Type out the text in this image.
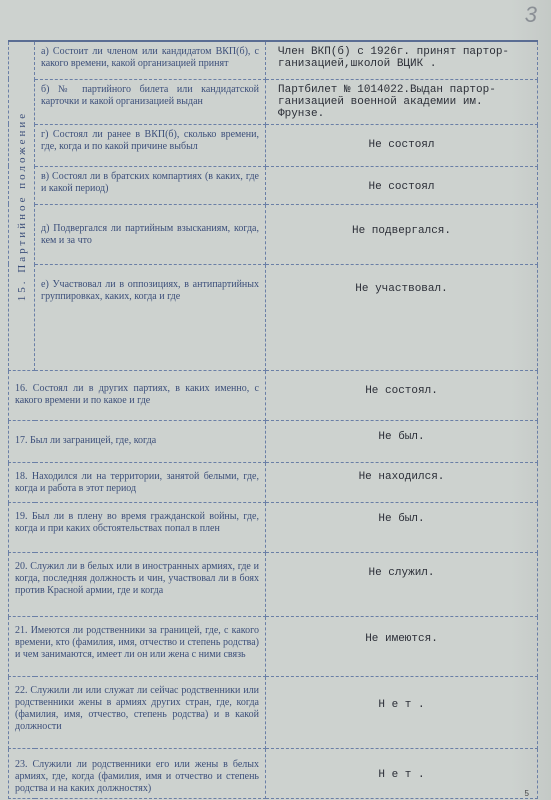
3
15. Партийное положение	а) Состоит ли членом или кандидатом ВКП(б), с какого времени, какой организацией принят	Член ВКП(б) с 1926г. принят партор- ганизацией,школой ВЦИК .

	б) № партийного билета или кандидатской карточки и какой организацией выдан	Партбилет № 1014022.Выдан партор- ганизацией военной академии им. Фрунзе.

	г) Состоял ли ранее в ВКП(б), сколько времени, где, когда и по какой причине выбыл	Не состоял

	в) Состоял ли в братских компартиях (в каких, где и какой период)	Не состоял

	д) Подвергался ли партийным взысканиям, когда, кем и за что	Не подвергался.

	е) Участвовал ли в оппозициях, в антипартийных группировках, каких, когда и где	Не участвовал.

16. Состоял ли в других партиях, в каких именно, с какого времени и по какое и где		Не состоял.

17. Был ли заграницей, где, когда		Не был.

18. Находился ли на территории, занятой белыми, где, когда и работа в этот период		Не находился.

19. Был ли в плену во время гражданской войны, где, когда и при каких обстоятельствах попал в плен		Не был.

20. Служил ли в белых или в иностранных армиях, где и когда, последняя должность и чин, участвовал ли в боях против Красной армии, где и когда		Не служил.

21. Имеются ли родственники за границей, где, с какого времени, кто (фамилия, имя, отчество и степень родства) и чем занимаются, имеет ли он или жена с ними связь		Не имеются.

22. Служили ли или служат ли сейчас родственники или родственники жены в армиях других стран, где, когда (фамилия, имя, отчество, степень родства) и в какой должности		Н е т .

23. Служили ли родственники его или жены в белых армиях, где, когда (фамилия, имя и отчество и степень родства и на каких должностях)		Н е т .
5
